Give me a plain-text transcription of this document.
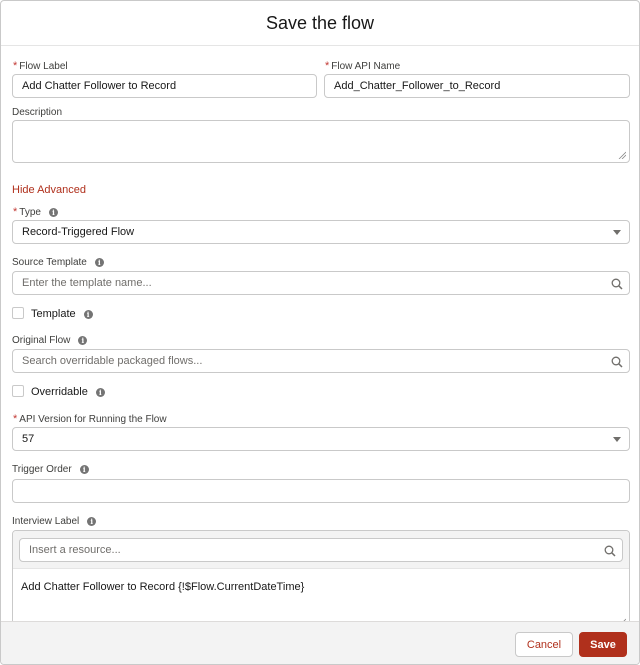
Save the flow
* Flow Label
Add Chatter Follower to Record
* Flow API Name
Add_Chatter_Follower_to_Record
Description
Hide Advanced
* Type	i
Record-Triggered Flow
Source Template	i
Enter the template name...
Template	i
Original Flow	i
Search overridable packaged flows...
Overridable	i
* API Version for Running the Flow
57
Trigger Order	i
Interview Label	i
Insert a resource...
Add Chatter Follower to Record {!$Flow.CurrentDateTime}
Cancel	Save
